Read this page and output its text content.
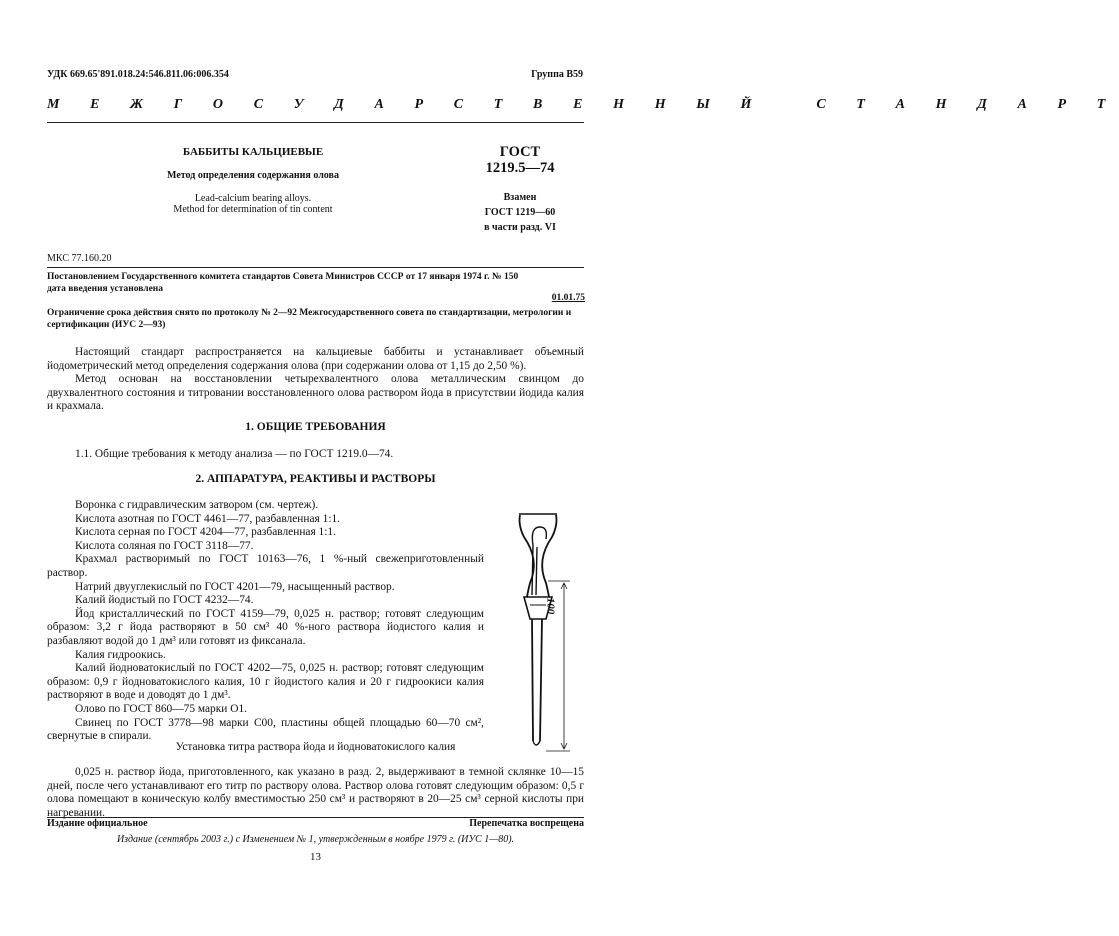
УДК 669.65'891.018.24:546.811.06:006.354	Группа В59
М Е Ж Г О С У Д А Р С Т В Е Н Н Ы Й   С Т А Н Д А Р Т
БАББИТЫ КАЛЬЦИЕВЫЕ
Метод определения содержания олова
Lead-calcium bearing alloys.
Method for determination of tin content
ГОСТ
1219.5—74
Взамен
ГОСТ 1219—60
в части разд. VI
МКС 77.160.20
Постановлением Государственного комитета стандартов Совета Министров СССР от 17 января 1974 г. № 150
дата введения установлена
01.01.75
Ограничение срока действия снято по протоколу № 2—92 Межгосударственного совета по стандартизации, метрологии и сертификации (ИУС 2—93)
Настоящий стандарт распространяется на кальциевые баббиты и устанавливает объемный йодометрический метод определения содержания олова (при содержании олова от 1,15 до 2,50 %).
Метод основан на восстановлении четырехвалентного олова металлическим свинцом до двухвалентного состояния и титровании восстановленного олова раствором йода в присутствии йодида калия и крахмала.
1. ОБЩИЕ ТРЕБОВАНИЯ
1.1. Общие требования к методу анализа — по ГОСТ 1219.0—74.
2. АППАРАТУРА, РЕАКТИВЫ И РАСТВОРЫ
Воронка с гидравлическим затвором (см. чертеж).
Кислота азотная по ГОСТ 4461—77, разбавленная 1:1.
Кислота серная по ГОСТ 4204—77, разбавленная 1:1.
Кислота соляная по ГОСТ 3118—77.
Крахмал растворимый по ГОСТ 10163—76, 1 %-ный свежеприготовленный раствор.
Натрий двууглекислый по ГОСТ 4201—79, насыщенный раствор.
Калий йодистый по ГОСТ 4232—74.
Йод кристаллический по ГОСТ 4159—79, 0,025 н. раствор; готовят следующим образом: 3,2 г йода растворяют в 50 см³ 40 %-ного раствора йодистого калия и разбавляют водой до 1 дм³ или готовят из фиксанала.
Калия гидроокись.
Калий йодноватокислый по ГОСТ 4202—75, 0,025 н. раствор; готовят следующим образом: 0,9 г йодноватокислого калия, 10 г йодистого калия и 20 г гидроокиси калия растворяют в воде и доводят до 1 дм³.
Олово по ГОСТ 860—75 марки О1.
Свинец по ГОСТ 3778—98 марки С00, пластины общей площадью 60—70 см², свернутые в спирали.
100
Установка титра раствора йода и йодноватокислого калия
0,025 н. раствор йода, приготовленного, как указано в разд. 2, выдерживают в темной склянке 10—15 дней, после чего устанавливают его титр по раствору олова. Раствор олова готовят следующим образом: 0,5 г олова помещают в коническую колбу вместимостью 250 см³ и растворяют в 20—25 см³ серной кислоты при нагревании.
Издание официальное	Перепечатка воспрещена
Издание (сентябрь 2003 г.) с Изменением № 1, утвержденным в ноябре 1979 г. (ИУС 1—80).
13
